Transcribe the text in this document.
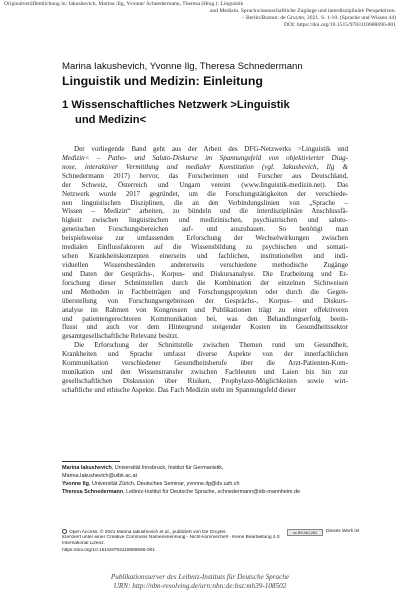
Originalveröffentlichung in: Iakushevich, Marina /Ilg, Yvonne/ Schnedermann, Theresa (Hrsg.): Linguistik
und Medizin. Sprachwissenschaftliche Zugänge und interdisziplinäre Perspektiven.
– Berlin/Boston: de Gruyter, 2021. S. 1-10. (Sprache und Wissen 44)
DOI: https://doi.org/10.1515/9783110688696-001
Marina Iakushevich, Yvonne Ilg, Theresa Schnedermann
Linguistik und Medizin: Einleitung
1 Wissenschaftliches Netzwerk >Linguistik
und Medizin<
Der vorliegende Band geht aus der Arbeit des DFG-Netzwerks >Linguistik und
Medizin< – Patho- und Saluto-Diskurse im Spannungsfeld von objektivierter Diag-
nose, interaktiver Vermittlung und medialer Konstitution (vgl. Iakushevich, Ilg &
Schnedermann 2017) hervor, das Forscherinnen und Forscher aus Deutschland,
der Schweiz, Österreich und Ungarn vereint (www.linguistik-medizin.net). Das
Netzwerk wurde 2017 gegründet, um die Forschungstätigkeiten der verschiede-
nen linguistischen Disziplinen, die an den Verbindungslinien von „Sprache –
Wissen – Medizin“ arbeiten, zu bündeln und die interdisziplinäre Anschlussfä-
higkeit zwischen linguistischen und medizinischen, psychiatrischen und saluto-
genetischen Forschungsbereichen auf- und auszubauen. So benötigt man
beispielsweise zur umfassenden Erforschung der Wechselwirkungen zwischen
medialen Einflussfaktoren auf die Wissensbildung zu psychischen und somati-
schen Krankheitskonzepten einerseits und fachlichen, institutionellen und indi-
viduellen Wissensbeständen andererseits verschiedene methodische Zugänge
und Daten der Gesprächs-, Korpus- und Diskursanalyse. Die Erarbeitung und Er-
forschung dieser Schnittstellen durch die Kombination der einzelnen Sichtweisen
und Methoden in Fachbeiträgen und Forschungsprojekten oder durch die Gegen-
überstellung von Forschungsergebnissen der Gesprächs-, Korpus- und Diskurs-
analyse im Rahmen von Kongressen und Publikationen trägt zu einer effektiveren
und patientengerechteren Kommunikation bei, was den Behandlungserfolg beein-
flusst und auch vor dem Hintergrund steigender Kosten im Gesundheitssektor
gesamtgesellschaftliche Relevanz besitzt.
Die Erforschung der Schnittstelle zwischen Themen rund um Gesundheit,
Krankheiten und Sprache umfasst diverse Aspekte von der innerfachlichen
Kommunikation verschiedener Gesundheitsberufe über die Arzt-Patienten-Kom-
munikation und den Wissenstransfer zwischen Fachleuten und Laien bis hin zur
gesellschaftlichen Diskussion über Risiken, Prophylaxe-Möglichkeiten sowie wirt-
schaftliche und ethische Aspekte. Das Fach Medizin steht im Spannungsfeld dieser
Marina Iakushevich, Universität Innsbruck, Institut für Germanistik,
Marina.Iakushevich@uibk.ac.at
Yvonne Ilg, Universität Zürich, Deutsches Seminar, yvonne.ilg@ds.uzh.ch
Theresa Schnedermann, Leibniz-Institut für Deutsche Sprache, schnedermann@ids-mannheim.de
Open Access. © 2021 Marina Iakushevich et al., publiziert von De Gruyter.
lizenziert unter einer Creative Commons Namensnennung - Nicht-kommerziell - Keine Bearbeitung 4.0
International Lizenz.
https://doi.org/10.1515/9783110688696-001
cc BY-NC-ND	Dieses Werk ist
Publikationsserver des Leibniz-Instituts für Deutsche Sprache
URN: http://nbn-resolving.de/urn:nbn:de:bsz:mh39-108502
